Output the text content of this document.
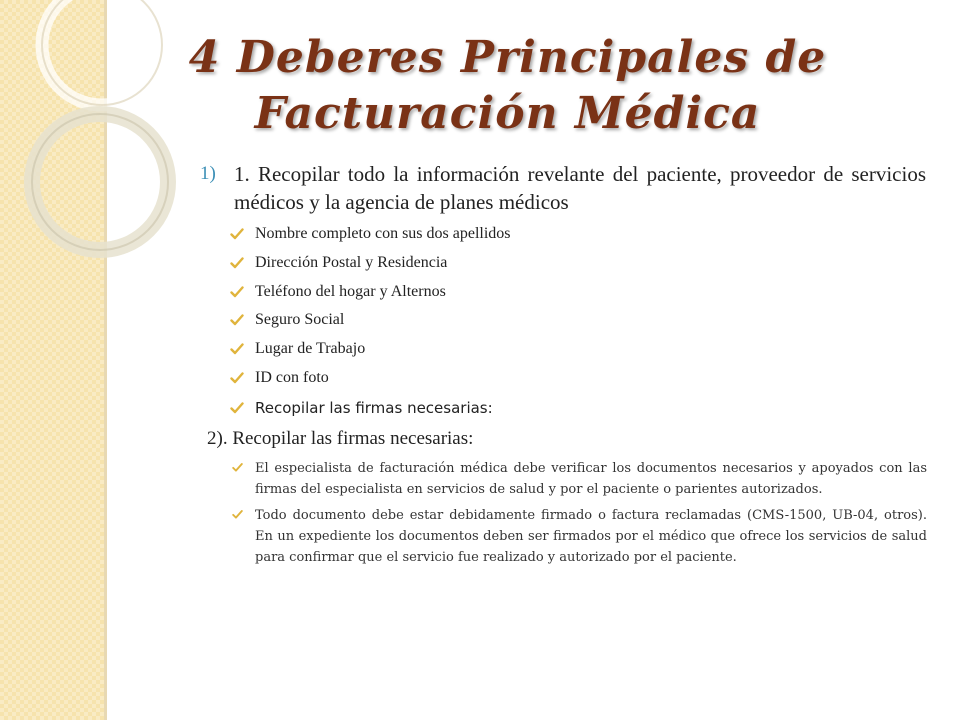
4 Deberes Principales de Facturación Médica
1) 1. Recopilar todo la información revelante del paciente, proveedor de servicios médicos y la agencia de planes médicos
Nombre completo con sus dos apellidos
Dirección Postal y Residencia
Teléfono del hogar y Alternos
Seguro Social
Lugar de Trabajo
ID con foto
Recopilar las firmas necesarias:
2). Recopilar las firmas necesarias:
El especialista de facturación médica debe verificar los documentos necesarios y apoyados con las firmas del especialista en servicios de salud y por el paciente o parientes autorizados.
Todo documento debe estar debidamente firmado o factura reclamadas (CMS-1500, UB-04, otros). En un expediente los documentos deben ser firmados por el médico que ofrece los servicios de salud para confirmar que el servicio fue realizado y autorizado por el paciente.
